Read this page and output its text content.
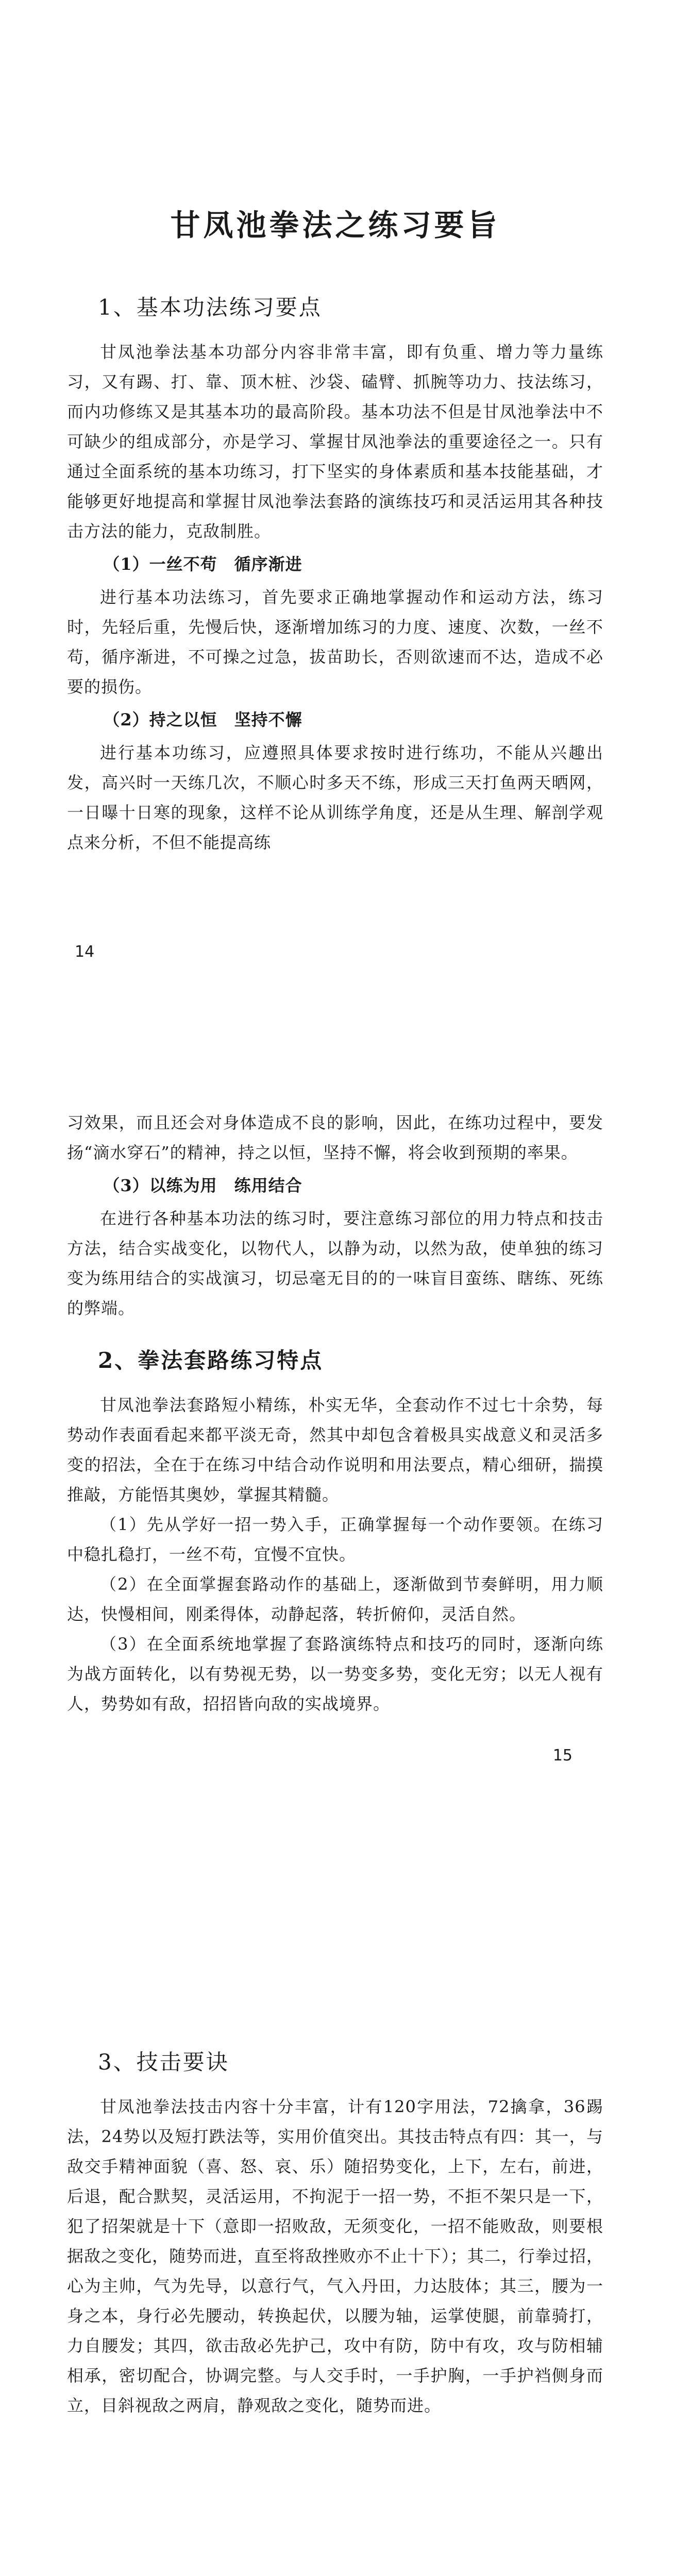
甘凤池拳法之练习要旨
1、基本功法练习要点

甘凤池拳法基本功部分内容非常丰富，即有负重、增力等力量练习，又有踢、打、靠、顶木桩、沙袋、磕臂、抓腕等功力、技法练习，而内功修练又是其基本功的最高阶段。基本功法不但是甘凤池拳法中不可缺少的组成部分，亦是学习、掌握甘凤池拳法的重要途径之一。只有通过全面系统的基本功练习，打下坚实的身体素质和基本技能基础，才能够更好地提高和掌握甘凤池拳法套路的演练技巧和灵活运用其各种技击方法的能力，克敌制胜。

（1）一丝不苟　循序渐进

进行基本功法练习，首先要求正确地掌握动作和运动方法，练习时，先轻后重，先慢后快，逐渐增加练习的力度、速度、次数，一丝不苟，循序渐进，不可操之过急，拔苗助长，否则欲速而不达，造成不必要的损伤。

（2）持之以恒　坚持不懈

进行基本功练习，应遵照具体要求按时进行练功，不能从兴趣出发，高兴时一天练几次，不顺心时多天不练，形成三天打鱼两天晒网，一日曝十日寒的现象，这样不论从训练学角度，还是从生理、解剖学观点来分析，不但不能提高练

14

习效果，而且还会对身体造成不良的影响，因此，在练功过程中，要发扬“滴水穿石”的精神，持之以恒，坚持不懈，将会收到预期的率果。

（3）以练为用　练用结合

在进行各种基本功法的练习时，要注意练习部位的用力特点和技击方法，结合实战变化，以物代人，以静为动，以然为敌，使单独的练习变为练用结合的实战演习，切忌毫无目的的一味盲目蛮练、瞎练、死练的弊端。

2、拳法套路练习特点

甘凤池拳法套路短小精练，朴实无华，全套动作不过七十余势，每势动作表面看起来都平淡无奇，然其中却包含着极具实战意义和灵活多变的招法，全在于在练习中结合动作说明和用法要点，精心细研，揣摸推敲，方能悟其奥妙，掌握其精髓。

（1）先从学好一招一势入手，正确掌握每一个动作要领。在练习中稳扎稳打，一丝不苟，宜慢不宜快。

（2）在全面掌握套路动作的基础上，逐渐做到节奏鲜明，用力顺达，快慢相间，刚柔得体，动静起落，转折俯仰，灵活自然。

（3）在全面系统地掌握了套路演练特点和技巧的同时，逐渐向练为战方面转化，以有势视无势，以一势变多势，变化无穷；以无人视有人，势势如有敌，招招皆向敌的实战境界。

15
3、技击要诀

甘凤池拳法技击内容十分丰富，计有120字用法，72擒拿，36踢法，24势以及短打跌法等，实用价值突出。其技击特点有四：其一，与敌交手精神面貌（喜、怒、哀、乐）随招势变化，上下，左右，前进，后退，配合默契，灵活运用，不拘泥于一招一势，不拒不架只是一下，犯了招架就是十下（意即一招败敌，无须变化，一招不能败敌，则要根据敌之变化，随势而进，直至将敌挫败亦不止十下）；其二，行拳过招，心为主帅，气为先导，以意行气，气入丹田，力达肢体；其三，腰为一身之本，身行必先腰动，转换起伏，以腰为轴，运掌使腿，前靠骑打，力自腰发；其四，欲击敌必先护己，攻中有防，防中有攻，攻与防相辅相承，密切配合，协调完整。与人交手时，一手护胸，一手护裆侧身而立，目斜视敌之两肩，静观敌之变化，随势而进。
